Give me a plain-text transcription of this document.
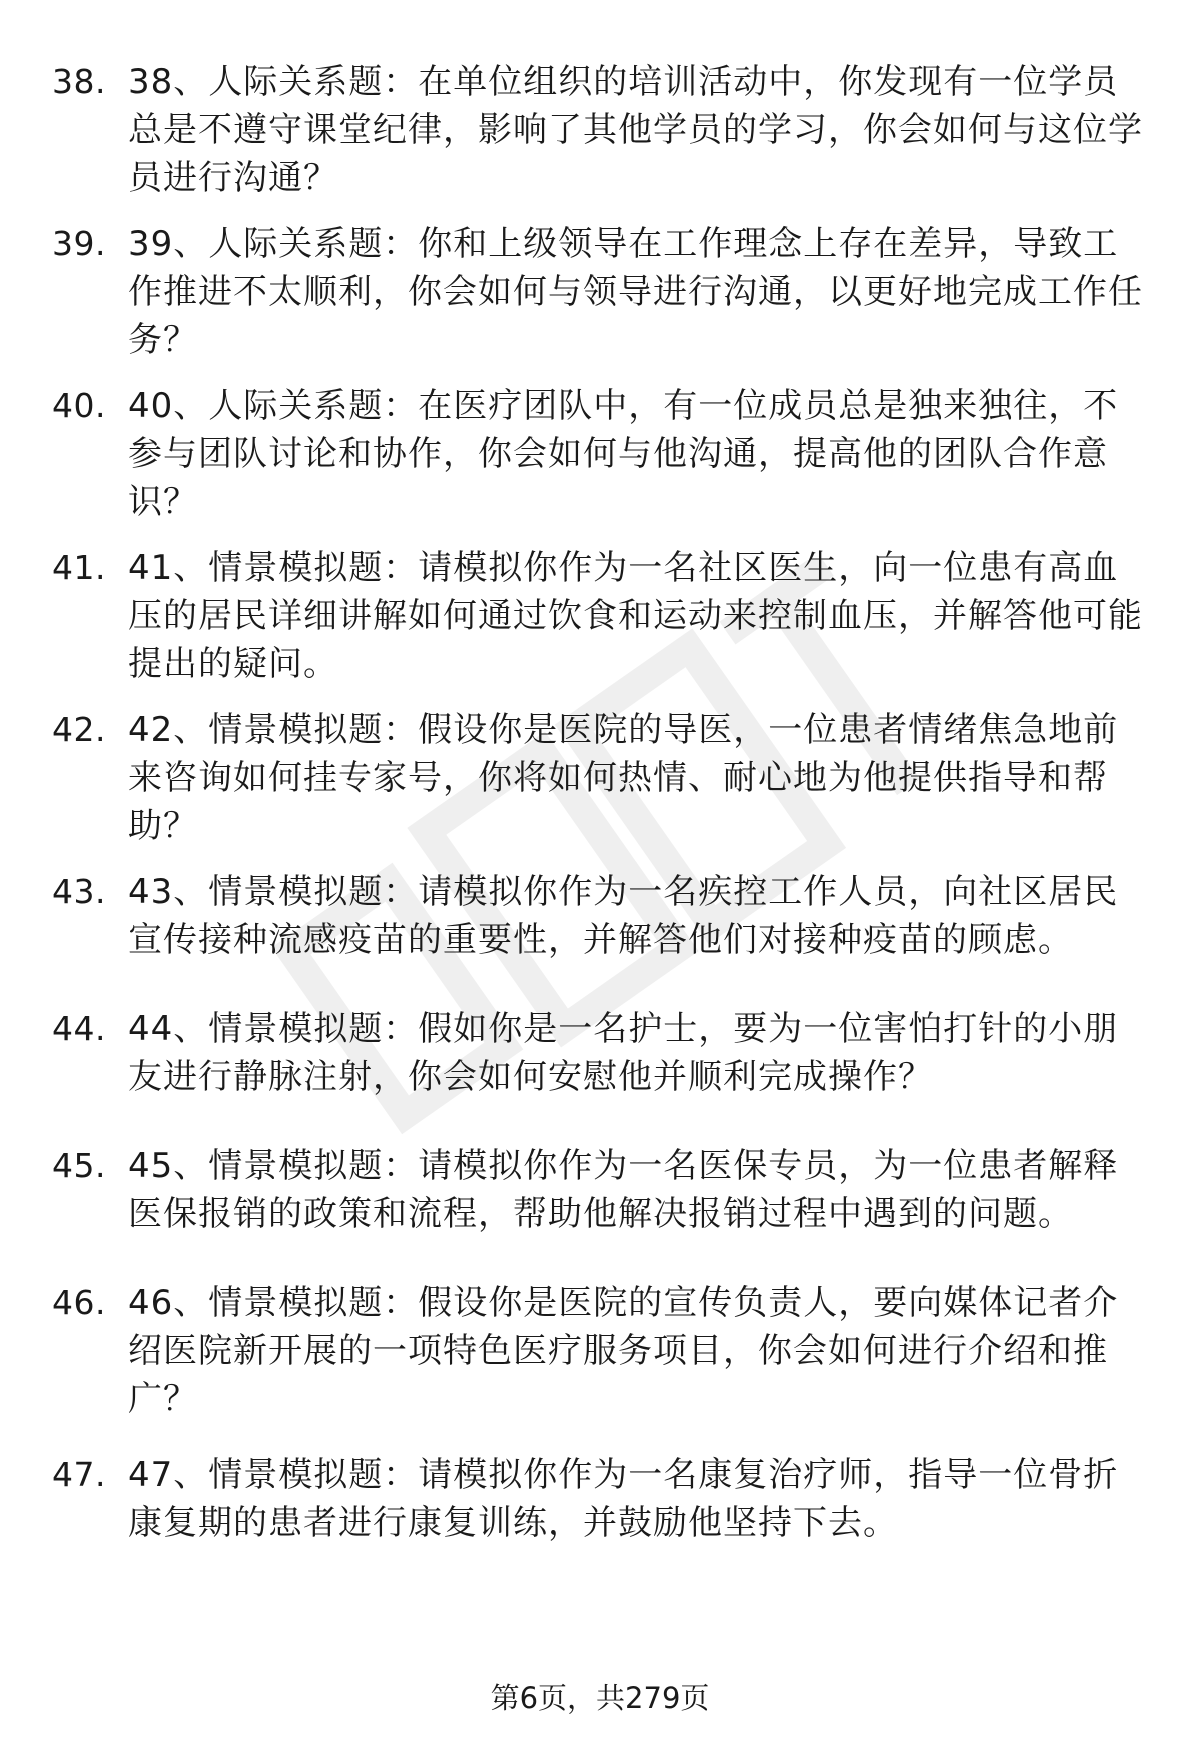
38. 38、人际关系题：在单位组织的培训活动中，你发现有一位学员总是不遵守课堂纪律，影响了其他学员的学习，你会如何与这位学员进行沟通？
39. 39、人际关系题：你和上级领导在工作理念上存在差异，导致工作推进不太顺利，你会如何与领导进行沟通，以更好地完成工作任务？
40. 40、人际关系题：在医疗团队中，有一位成员总是独来独往，不参与团队讨论和协作，你会如何与他沟通，提高他的团队合作意识？
41. 41、情景模拟题：请模拟你作为一名社区医生，向一位患有高血压的居民详细讲解如何通过饮食和运动来控制血压，并解答他可能提出的疑问。
42. 42、情景模拟题：假设你是医院的导医，一位患者情绪焦急地前来咨询如何挂专家号，你将如何热情、耐心地为他提供指导和帮助？
43. 43、情景模拟题：请模拟你作为一名疾控工作人员，向社区居民宣传接种流感疫苗的重要性，并解答他们对接种疫苗的顾虑。
44. 44、情景模拟题：假如你是一名护士，要为一位害怕打针的小朋友进行静脉注射，你会如何安慰他并顺利完成操作？
45. 45、情景模拟题：请模拟你作为一名医保专员，为一位患者解释医保报销的政策和流程，帮助他解决报销过程中遇到的问题。
46. 46、情景模拟题：假设你是医院的宣传负责人，要向媒体记者介绍医院新开展的一项特色医疗服务项目，你会如何进行介绍和推广？
47. 47、情景模拟题：请模拟你作为一名康复治疗师，指导一位骨折康复期的患者进行康复训练，并鼓励他坚持下去。
第6页，共279页
